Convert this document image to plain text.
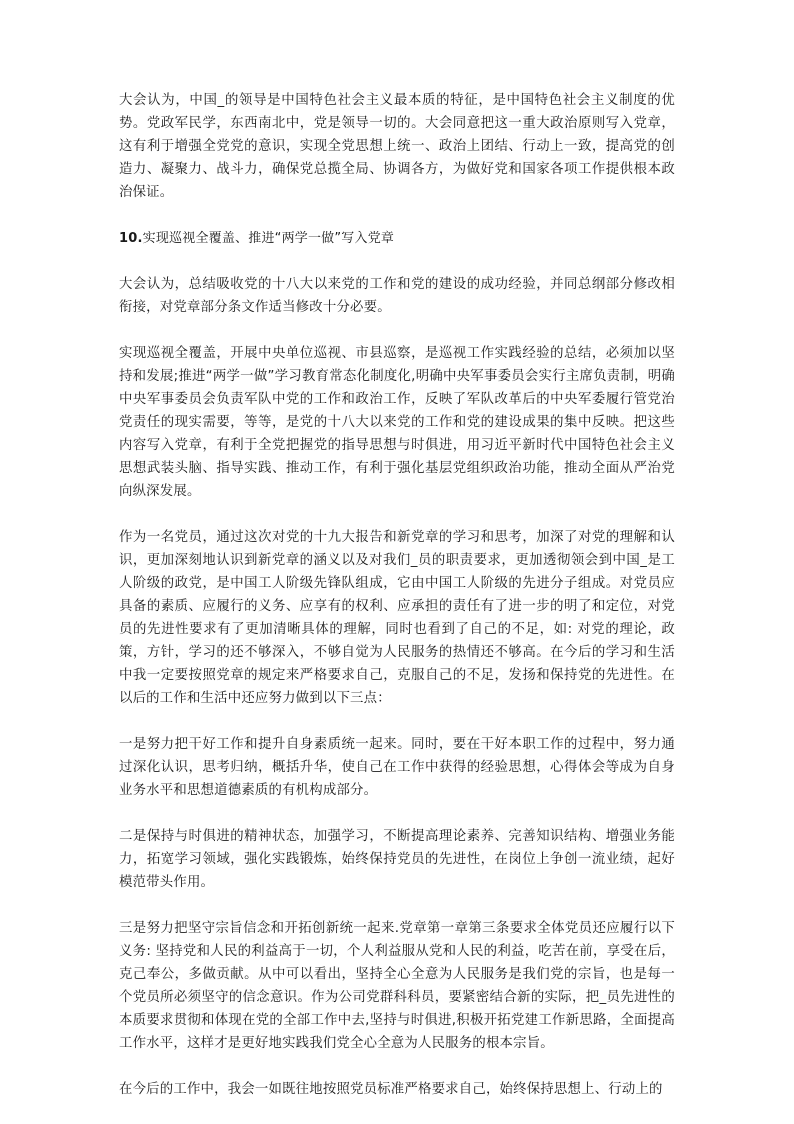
大会认为，中国_的领导是中国特色社会主义最本质的特征，是中国特色社会主义制度的优势。党政军民学，东西南北中，党是领导一切的。大会同意把这一重大政治原则写入党章，这有利于增强全党党的意识，实现全党思想上统一、政治上团结、行动上一致，提高党的创造力、凝聚力、战斗力，确保党总揽全局、协调各方，为做好党和国家各项工作提供根本政治保证。

10.实现巡视全覆盖、推进“两学一做”写入党章

大会认为，总结吸收党的十八大以来党的工作和党的建设的成功经验，并同总纲部分修改相衔接，对党章部分条文作适当修改十分必要。

实现巡视全覆盖，开展中央单位巡视、市县巡察，是巡视工作实践经验的总结，必须加以坚持和发展;推进“两学一做”学习教育常态化制度化,明确中央军事委员会实行主席负责制，明确中央军事委员会负责军队中党的工作和政治工作，反映了军队改革后的中央军委履行管党治党责任的现实需要，等等，是党的十八大以来党的工作和党的建设成果的集中反映。把这些内容写入党章，有利于全党把握党的指导思想与时俱进，用习近平新时代中国特色社会主义思想武装头脑、指导实践、推动工作，有利于强化基层党组织政治功能，推动全面从严治党向纵深发展。

作为一名党员，通过这次对党的十九大报告和新党章的学习和思考，加深了对党的理解和认识，更加深刻地认识到新党章的涵义以及对我们_员的职责要求，更加透彻领会到中国_是工人阶级的政党，是中国工人阶级先锋队组成，它由中国工人阶级的先进分子组成。对党员应具备的素质、应履行的义务、应享有的权利、应承担的责任有了进一步的明了和定位，对党员的先进性要求有了更加清晰具体的理解，同时也看到了自己的不足，如: 对党的理论，政策，方针，学习的还不够深入，不够自觉为人民服务的热情还不够高。在今后的学习和生活中我一定要按照党章的规定来严格要求自己，克服自己的不足，发扬和保持党的先进性。在以后的工作和生活中还应努力做到以下三点：

一是努力把干好工作和提升自身素质统一起来。同时，要在干好本职工作的过程中，努力通过深化认识，思考归纳，概括升华，使自己在工作中获得的经验思想，心得体会等成为自身业务水平和思想道德素质的有机构成部分。

二是保持与时俱进的精神状态，加强学习，不断提高理论素养、完善知识结构、增强业务能力，拓宽学习领域，强化实践锻炼，始终保持党员的先进性，在岗位上争创一流业绩，起好模范带头作用。

三是努力把坚守宗旨信念和开拓创新统一起来.党章第一章第三条要求全体党员还应履行以下义务: 坚持党和人民的利益高于一切，个人利益服从党和人民的利益，吃苦在前，享受在后，克己奉公，多做贡献。从中可以看出，坚持全心全意为人民服务是我们党的宗旨，也是每一个党员所必须坚守的信念意识。作为公司党群科科员，要紧密结合新的实际，把_员先进性的本质要求贯彻和体现在党的全部工作中去,坚持与时俱进,积极开拓党建工作新思路，全面提高工作水平，这样才是更好地实践我们党全心全意为人民服务的根本宗旨。

在今后的工作中，我会一如既往地按照党员标准严格要求自己，始终保持思想上、行动上的
